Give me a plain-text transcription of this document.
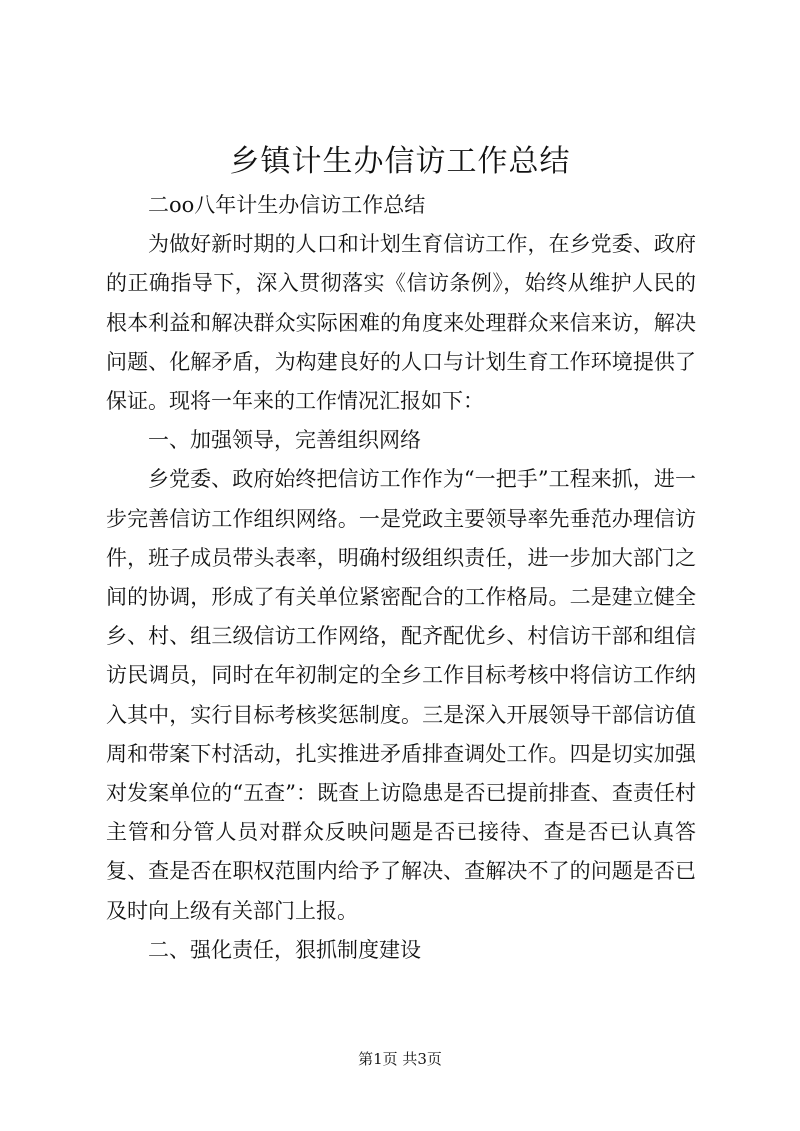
乡镇计生办信访工作总结

二oo八年计生办信访工作总结

为做好新时期的人口和计划生育信访工作，在乡党委、政府的正确指导下，深入贯彻落实《信访条例》，始终从维护人民的根本利益和解决群众实际困难的角度来处理群众来信来访，解决问题、化解矛盾，为构建良好的人口与计划生育工作环境提供了保证。现将一年来的工作情况汇报如下：

一、加强领导，完善组织网络

乡党委、政府始终把信访工作作为“一把手”工程来抓，进一步完善信访工作组织网络。一是党政主要领导率先垂范办理信访件，班子成员带头表率，明确村级组织责任，进一步加大部门之间的协调，形成了有关单位紧密配合的工作格局。二是建立健全乡、村、组三级信访工作网络，配齐配优乡、村信访干部和组信访民调员，同时在年初制定的全乡工作目标考核中将信访工作纳入其中，实行目标考核奖惩制度。三是深入开展领导干部信访值周和带案下村活动，扎实推进矛盾排查调处工作。四是切实加强对发案单位的“五查”：既查上访隐患是否已提前排查、查责任村主管和分管人员对群众反映问题是否已接待、查是否已认真答复、查是否在职权范围内给予了解决、查解决不了的问题是否已及时向上级有关部门上报。

二、强化责任，狠抓制度建设

第1页 共3页
